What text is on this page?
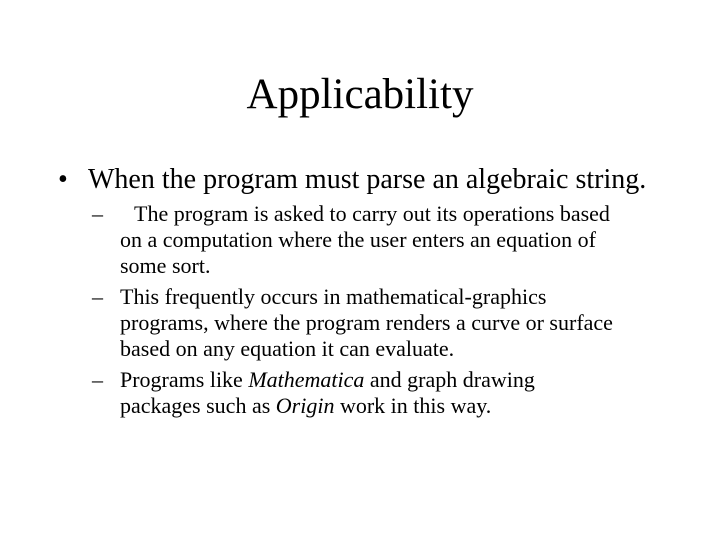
Applicability
• When the program must parse an algebraic string.
–	The program is asked to carry out its operations based
on a computation where the user enters an equation of
some sort.
– This frequently occurs in mathematical-graphics
programs, where the program renders a curve or surface
based on any equation it can evaluate.
– Programs like Mathematica and graph drawing
packages such as Origin work in this way.
